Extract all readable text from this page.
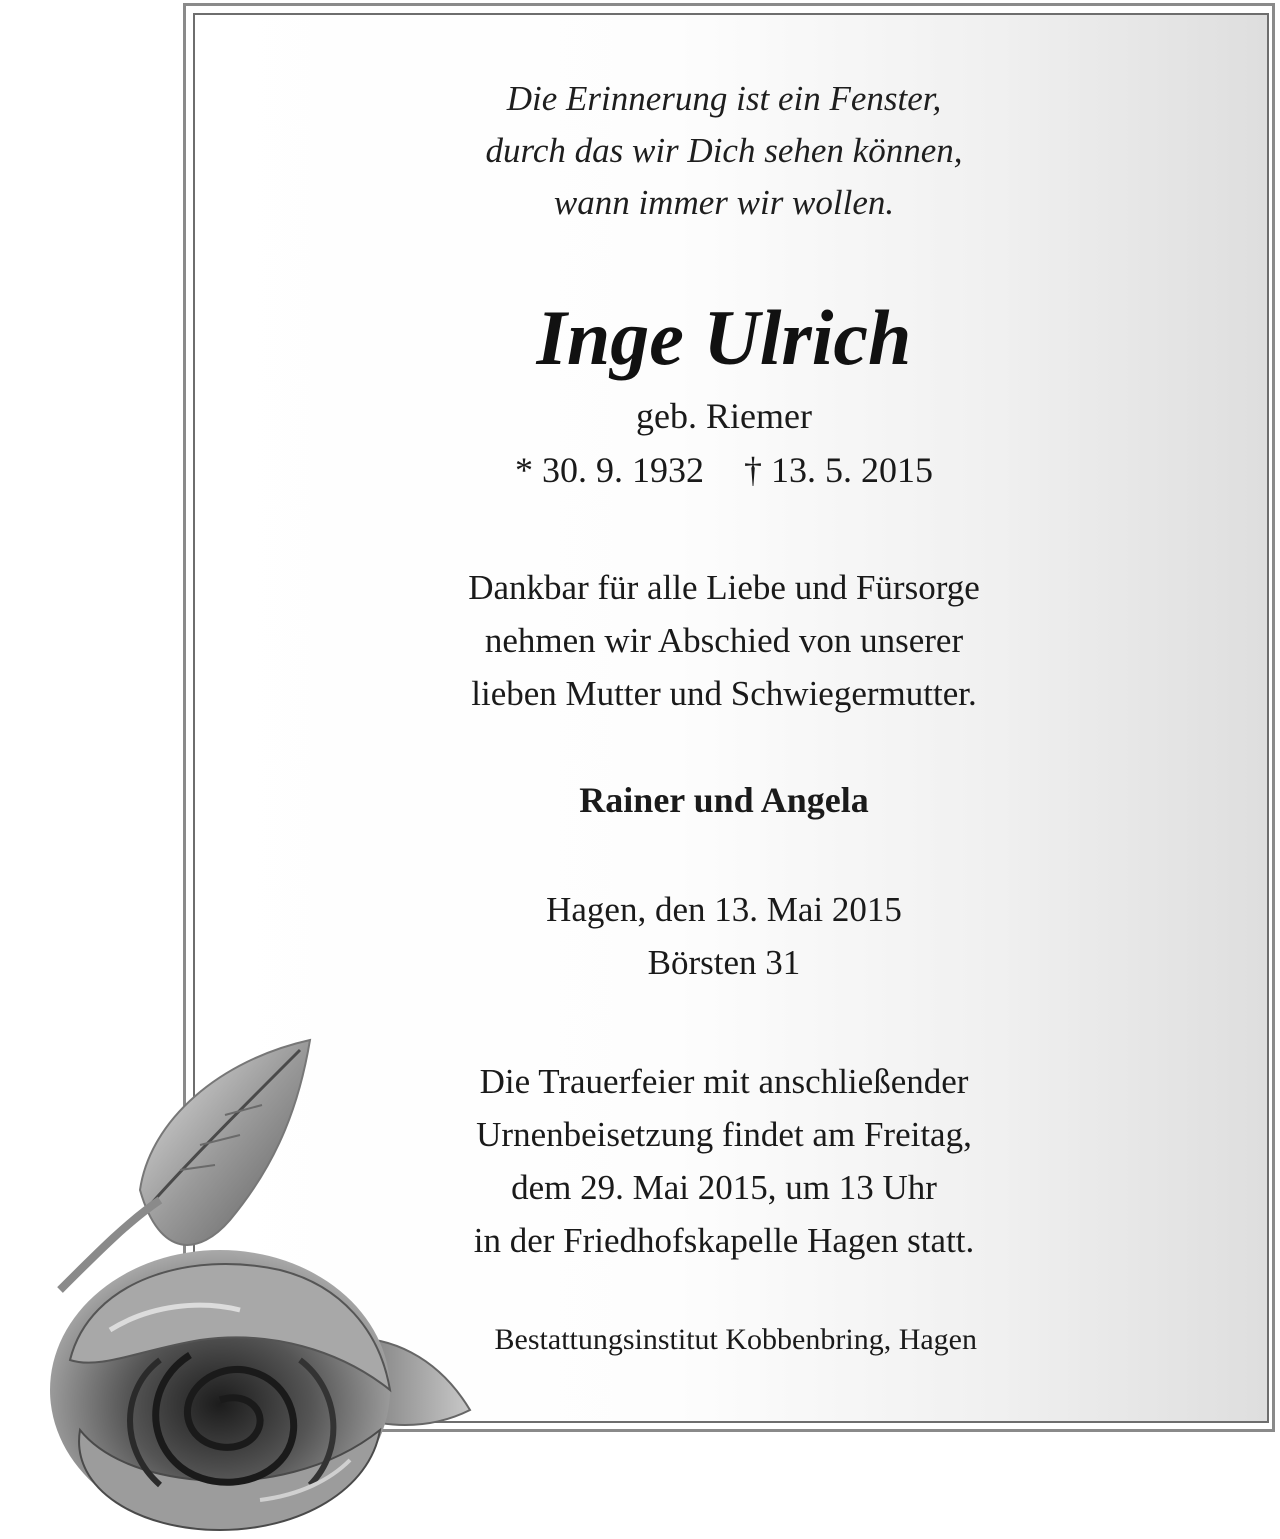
Die Erinnerung ist ein Fenster,

durch das wir Dich sehen können,

wann immer wir wollen.

Inge Ulrich
geb. Riemer
* 30. 9. 1932 † 13. 5. 2015

Dankbar für alle Liebe und Fürsorge

nehmen wir Abschied von unserer

lieben Mutter und Schwiegermutter.

Rainer und Angela

Hagen, den 13. Mai 2015

Börsten 31

Die Trauerfeier mit anschließender

Urnenbeisetzung findet am Freitag,

dem 29. Mai 2015, um 13 Uhr

in der Friedhofskapelle Hagen statt.

Bestattungsinstitut Kobbenbring, Hagen
